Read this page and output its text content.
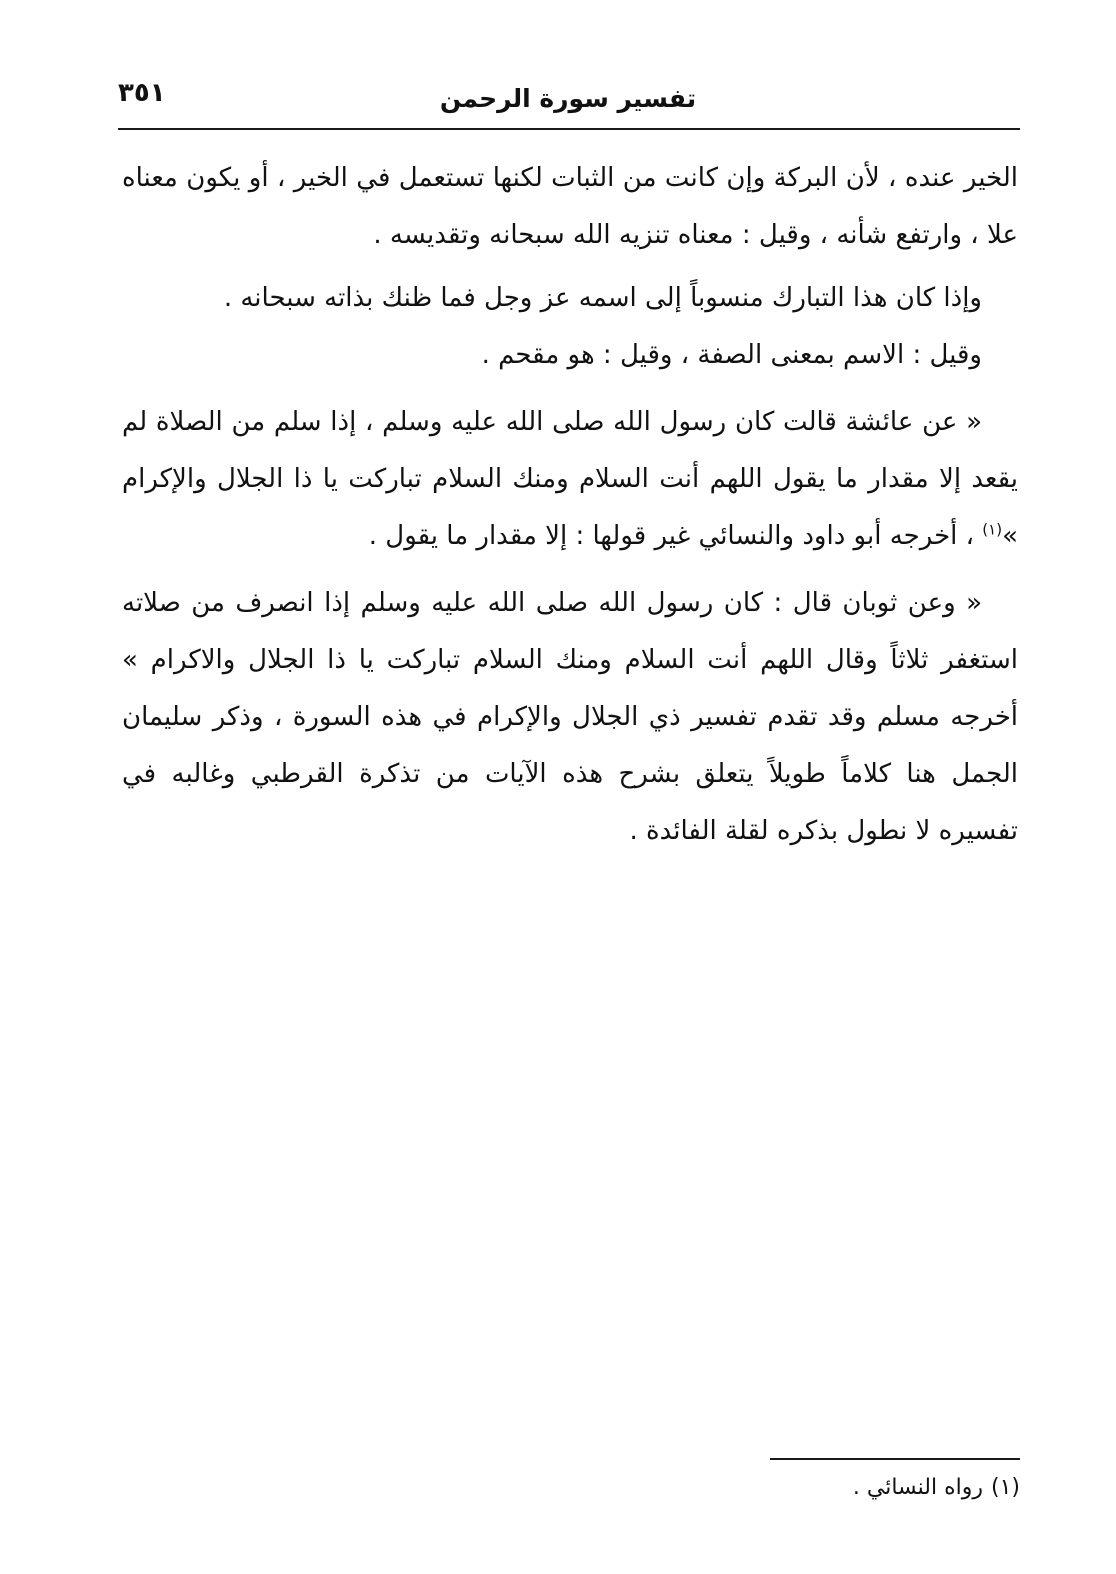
تفسير سورة الرحمن
٣٥١

الخير عنده ، لأن البركة وإن كانت من الثبات لكنها تستعمل في الخير ، أو يكون معناه علا ، وارتفع شأنه ، وقيل : معناه تنزيه الله سبحانه وتقديسه .

وإذا كان هذا التبارك منسوباً إلى اسمه عز وجل فما ظنك بذاته سبحانه .

وقيل : الاسم بمعنى الصفة ، وقيل : هو مقحم .

« عن عائشة قالت كان رسول الله صلى الله عليه وسلم ، إذا سلم من الصلاة لم يقعد إلا مقدار ما يقول اللهم أنت السلام ومنك السلام تباركت يا ذا الجلال والإكرام »$^{(١)}$ ، أخرجه أبو داود والنسائي غير قولها : إلا مقدار ما يقول .

« وعن ثوبان قال : كان رسول الله صلى الله عليه وسلم إذا انصرف من صلاته استغفر ثلاثاً وقال اللهم أنت السلام ومنك السلام تباركت يا ذا الجلال والاكرام » أخرجه مسلم وقد تقدم تفسير ذي الجلال والإكرام في هذه السورة ، وذكر سليمان الجمل هنا كلاماً طويلاً يتعلق بشرح هذه الآيات من تذكرة القرطبي وغالبه في تفسيره لا نطول بذكره لقلة الفائدة .

(١)رواه النسائي .
